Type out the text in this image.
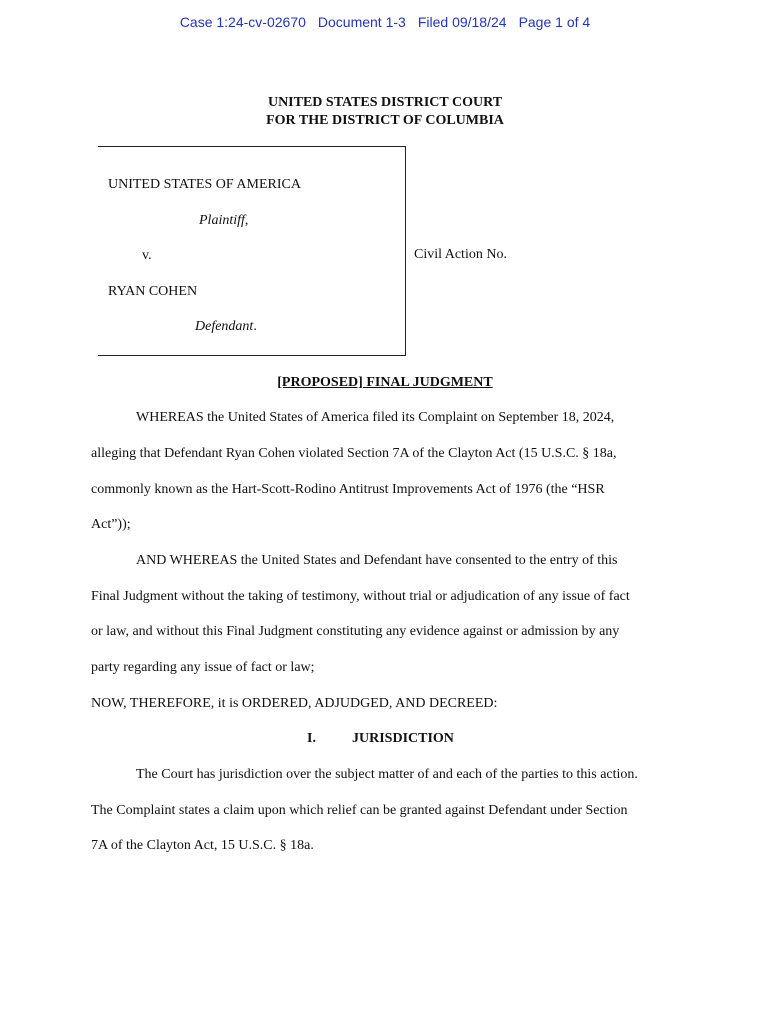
Case 1:24-cv-02670 Document 1-3 Filed 09/18/24 Page 1 of 4
UNITED STATES DISTRICT COURT
FOR THE DISTRICT OF COLUMBIA
UNITED STATES OF AMERICA
Plaintiff,
v.
RYAN COHEN
Defendant.
Civil Action No.
[PROPOSED] FINAL JUDGMENT
WHEREAS the United States of America filed its Complaint on September 18, 2024,
alleging that Defendant Ryan Cohen violated Section 7A of the Clayton Act (15 U.S.C. § 18a,
commonly known as the Hart-Scott-Rodino Antitrust Improvements Act of 1976 (the “HSR
Act”));
AND WHEREAS the United States and Defendant have consented to the entry of this
Final Judgment without the taking of testimony, without trial or adjudication of any issue of fact
or law, and without this Final Judgment constituting any evidence against or admission by any
party regarding any issue of fact or law;
NOW, THEREFORE, it is ORDERED, ADJUDGED, AND DECREED:
I.	JURISDICTION
The Court has jurisdiction over the subject matter of and each of the parties to this action.
The Complaint states a claim upon which relief can be granted against Defendant under Section
7A of the Clayton Act, 15 U.S.C. § 18a.
